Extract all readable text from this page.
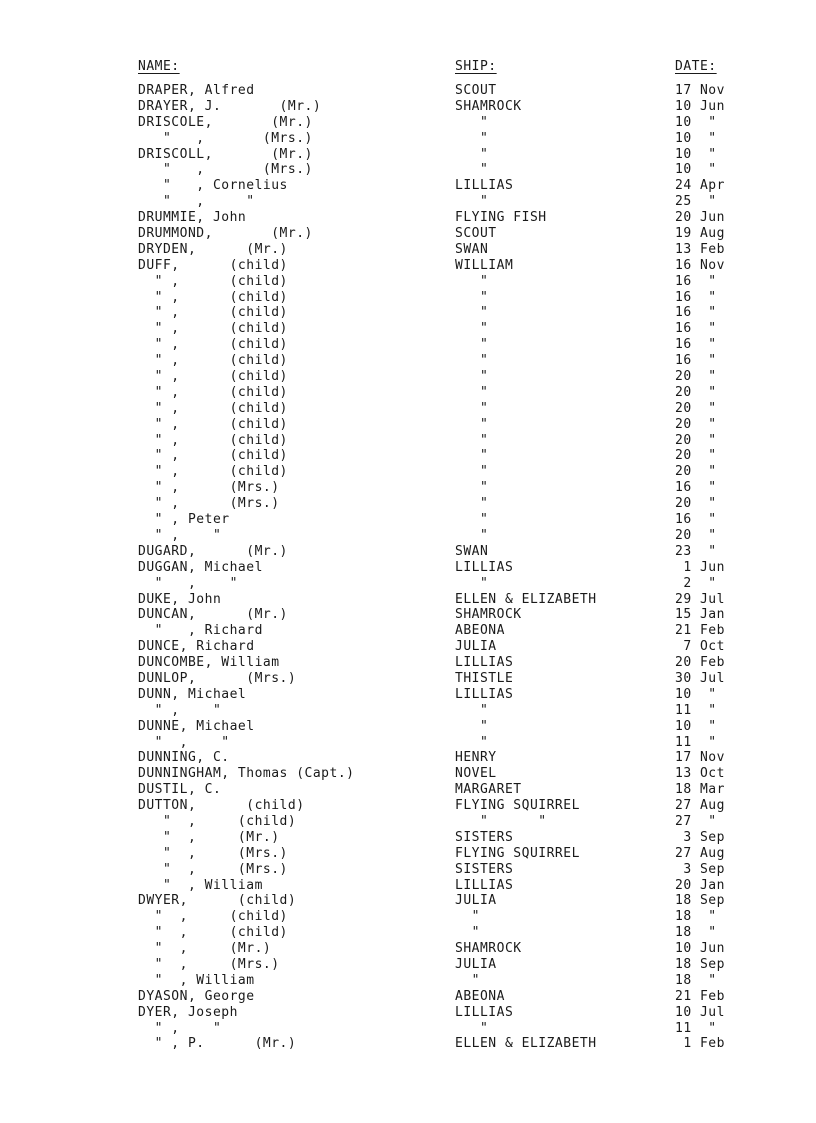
NAME:	SHIP:	DATE:
DRAPER, Alfred	SCOUT	17 Nov
DRAYER, J.       (Mr.)	SHAMROCK	10 Jun
DRISCOLE,       (Mr.)	"	10  "
"   ,       (Mrs.)	"	10  "
DRISCOLL,       (Mr.)	"	10  "
"   ,       (Mrs.)	"	10  "
"   , Cornelius	LILLIAS	24 Apr
"   ,     "	"	25  "
DRUMMIE, John	FLYING FISH	20 Jun
DRUMMOND,       (Mr.)	SCOUT	19 Aug
DRYDEN,      (Mr.)	SWAN	13 Feb
DUFF,      (child)	WILLIAM	16 Nov
" ,      (child)	"	16  "
" ,      (child)	"	16  "
" ,      (child)	"	16  "
" ,      (child)	"	16  "
" ,      (child)	"	16  "
" ,      (child)	"	16  "
" ,      (child)	"	20  "
" ,      (child)	"	20  "
" ,      (child)	"	20  "
" ,      (child)	"	20  "
" ,      (child)	"	20  "
" ,      (child)	"	20  "
" ,      (child)	"	20  "
" ,      (Mrs.)	"	16  "
" ,      (Mrs.)	"	20  "
" , Peter	"	16  "
" ,    "	"	20  "
DUGARD,      (Mr.)	SWAN	23  "
DUGGAN, Michael	LILLIAS	1 Jun
"   ,    "	"	2  "
DUKE, John	ELLEN & ELIZABETH	29 Jul
DUNCAN,      (Mr.)	SHAMROCK	15 Jan
"   , Richard	ABEONA	21 Feb
DUNCE, Richard	JULIA	7 Oct
DUNCOMBE, William	LILLIAS	20 Feb
DUNLOP,      (Mrs.)	THISTLE	30 Jul
DUNN, Michael	LILLIAS	10  "
" ,    "	"	11  "
DUNNE, Michael	"	10  "
"  ,    "	"	11  "
DUNNING, C.	HENRY	17 Nov
DUNNINGHAM, Thomas (Capt.)	NOVEL	13 Oct
DUSTIL, C.	MARGARET	18 Mar
DUTTON,      (child)	FLYING SQUIRREL	27 Aug
"  ,     (child)	"      "	27  "
"  ,     (Mr.)	SISTERS	3 Sep
"  ,     (Mrs.)	FLYING SQUIRREL	27 Aug
"  ,     (Mrs.)	SISTERS	3 Sep
"  , William	LILLIAS	20 Jan
DWYER,      (child)	JULIA	18 Sep
"  ,     (child)	"	18  "
"  ,     (child)	"	18  "
"  ,     (Mr.)	SHAMROCK	10 Jun
"  ,     (Mrs.)	JULIA	18 Sep
"  , William	"	18  "
DYASON, George	ABEONA	21 Feb
DYER, Joseph	LILLIAS	10 Jul
" ,    "	"	11  "
" , P.      (Mr.)	ELLEN & ELIZABETH	1 Feb
